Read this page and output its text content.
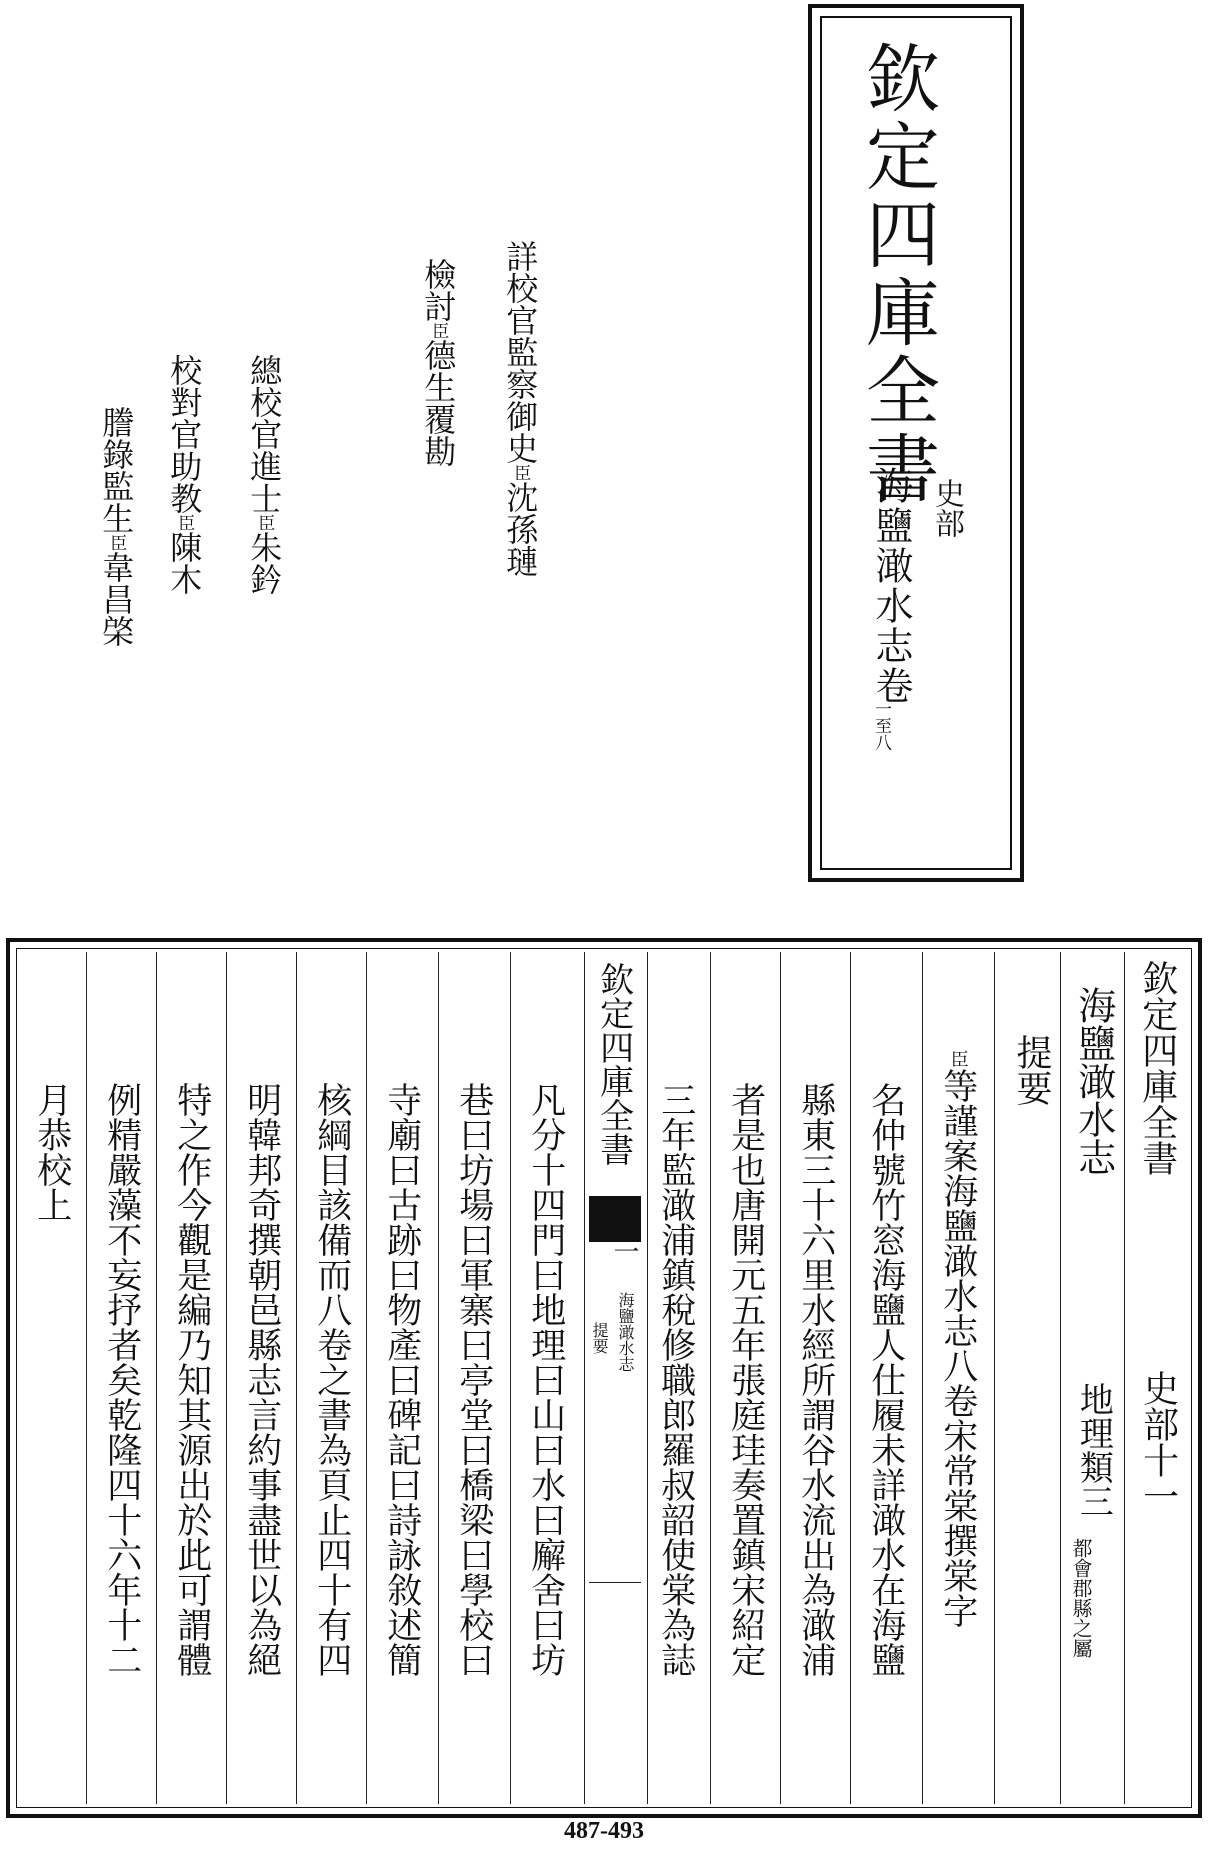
欽定四庫全書
史部
海鹽澉水志卷
一至八
詳校官監察御史臣沈孫璉
檢討臣德生覆勘
總校官進士臣朱鈐
校對官助教臣陳木
謄錄監生臣韋昌棨
欽定四庫全書
史部十一
海鹽澉水志
地理類三
都會郡縣之屬
提要
臣等謹案海鹽澉水志八卷宋常棠撰棠字
名仲號竹窓海鹽人仕履未詳澉水在海鹽
縣東三十六里水經所謂谷水流出為澉浦
者是也唐開元五年張庭珪奏置鎮宋紹定
三年監澉浦鎮稅修職郎羅叔韶使棠為誌
凡分十四門曰地理曰山曰水曰廨舍曰坊
巷曰坊場曰軍寨曰亭堂曰橋梁曰學校曰
寺廟曰古跡曰物產曰碑記曰詩詠敘述簡
核綱目該備而八卷之書為頁止四十有四
明韓邦奇撰朝邑縣志言約事盡世以為絕
特之作今觀是編乃知其源出於此可謂體
例精嚴藻不妄抒者矣乾隆四十六年十二
月恭校上	欽定四庫全書
一
海鹽澉水志
提要
487-493
